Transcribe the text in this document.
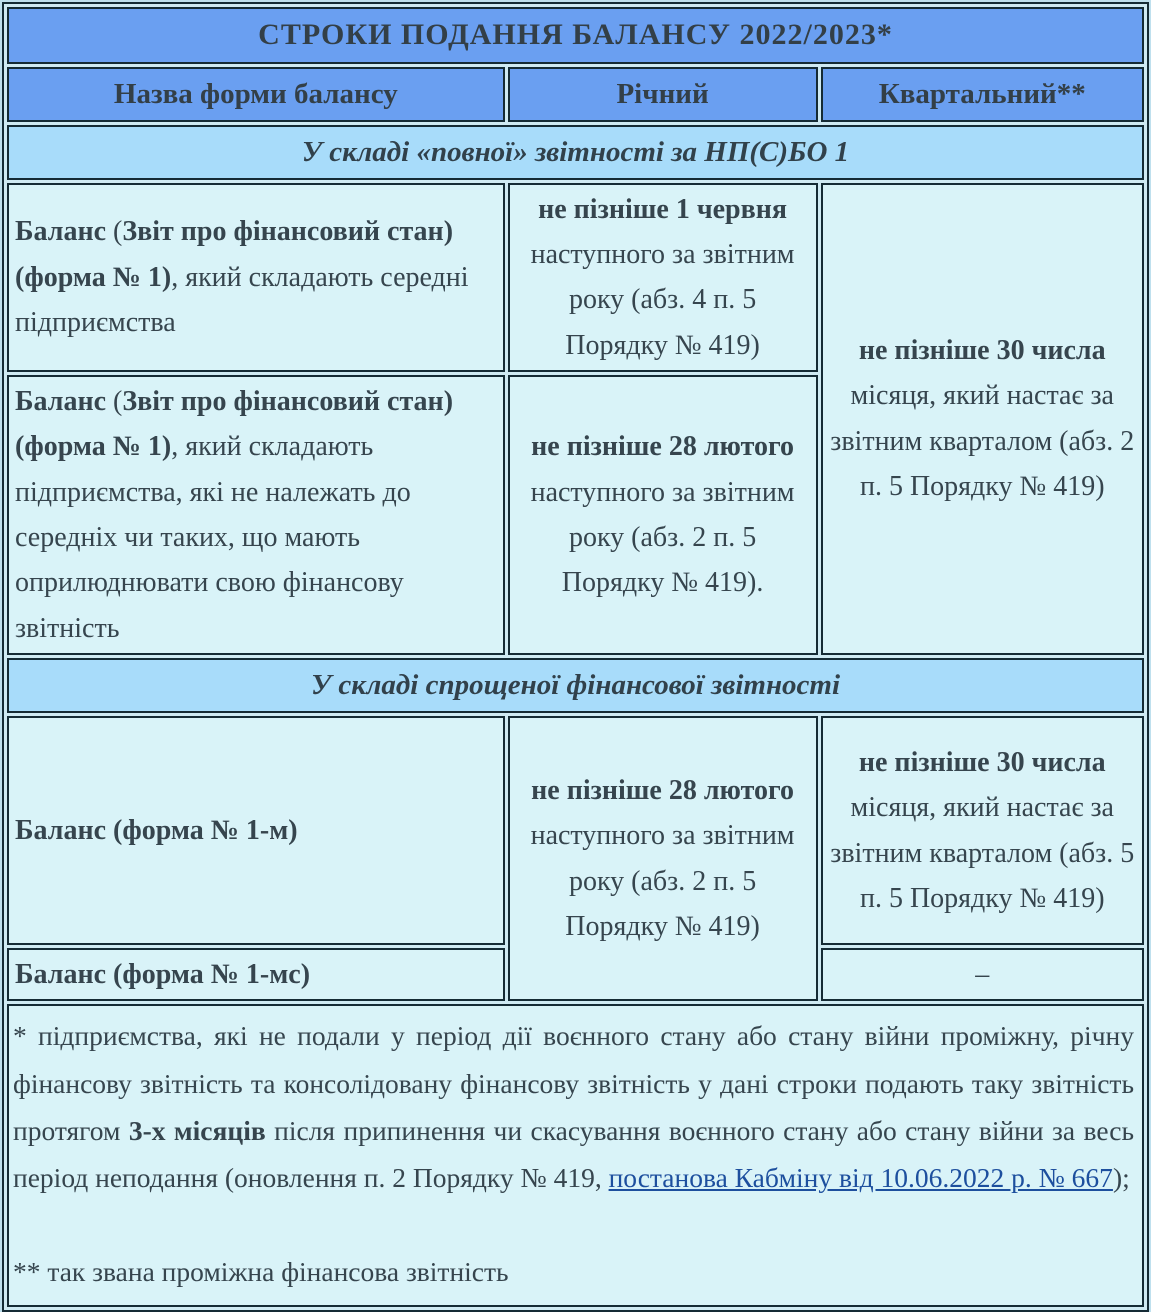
СТРОКИ ПОДАННЯ БАЛАНСУ 2022/2023*		
Назва форми балансу	Річний	Квартальний**
У складі «повної» звітності за НП(С)БО 1		
Баланс (Звіт про фінансовий стан) (форма № 1), який складають середні підприємства	не пізніше 1 червня наступного за звітним року (абз. 4 п. 5 Порядку № 419)	не пізніше 30 числа місяця, який настає за звітним кварталом (абз. 2 п. 5 Порядку № 419)
Баланс (Звіт про фінансовий стан) (форма № 1), який складають підприємства, які не належать до середніх чи таких, що мають оприлюднювати свою фінансову звітність	не пізніше 28 лютого наступного за звітним року (абз. 2 п. 5 Порядку № 419).	
У складі спрощеної фінансової звітності		
Баланс (форма № 1-м)	не пізніше 28 лютого наступного за звітним року (абз. 2 п. 5 Порядку № 419)	не пізніше 30 числа місяця, який настає за звітним кварталом (абз. 5 п. 5 Порядку № 419)
Баланс (форма № 1-мс)		–

* підприємства, які не подали у період дії воєнного стану або стану війни проміжну, річну фінансову звітність та консолідовану фінансову звітність у дані строки подають таку звітність протягом 3-х місяців після припинення чи скасування воєнного стану або стану війни за весь період неподання (оновлення п. 2 Порядку № 419, постанова Кабміну від 10.06.2022 р. № 667);

** так звана проміжна фінансова звітність		
